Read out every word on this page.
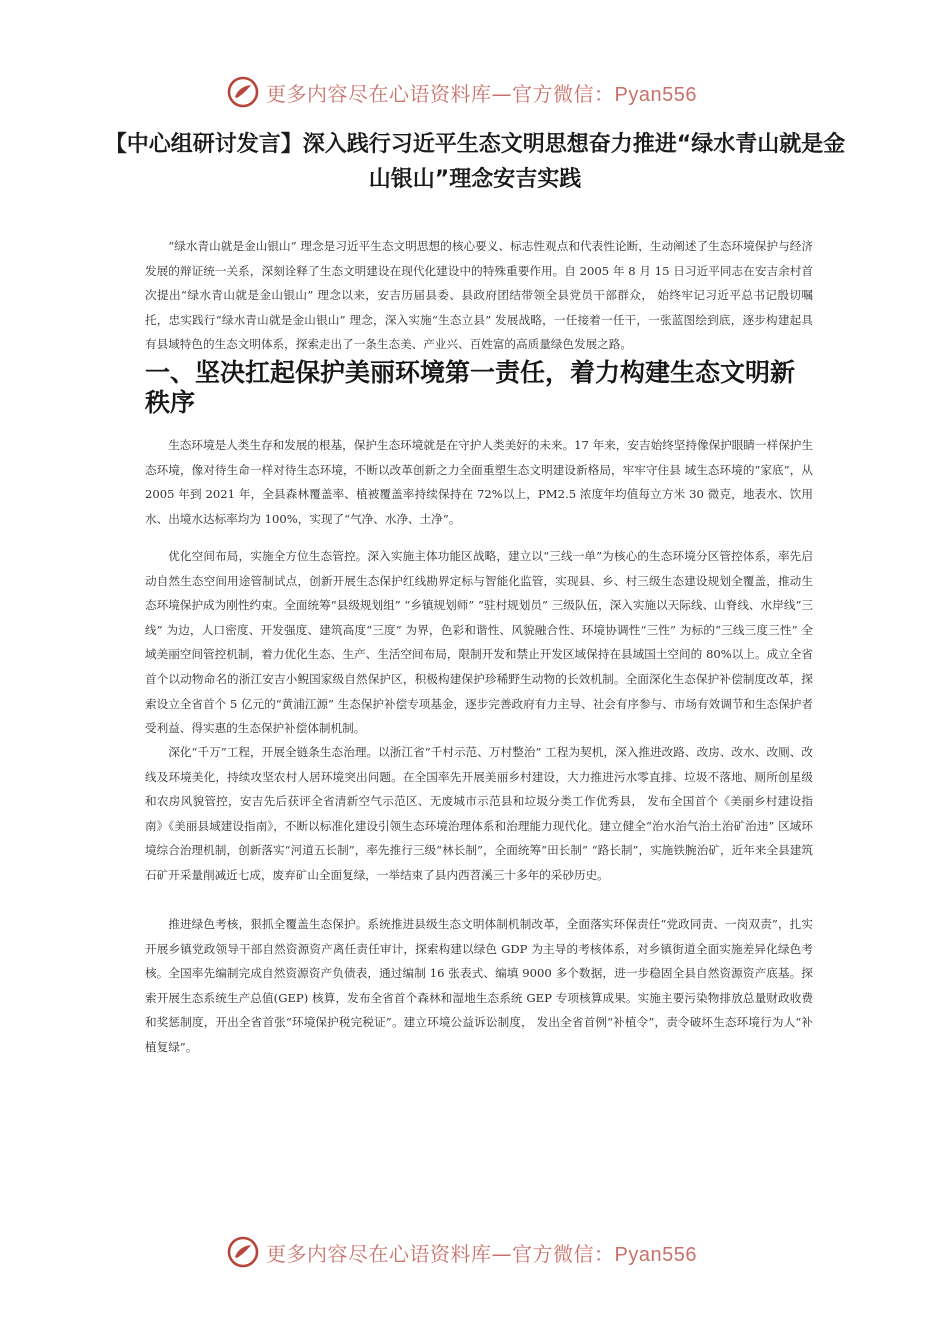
更多内容尽在心语资料库—官方微信：Pyan556
【中心组研讨发言】深入践行习近平生态文明思想奋力推进“绿水青山就是金山银山”理念安吉实践

“绿水青山就是金山银山” 理念是习近平生态文明思想的核心要义、标志性观点和代表性论断，生动阐述了生态环境保护与经济发展的辩证统一关系，深刻诠释了生态文明建设在现代化建设中的特殊重要作用。自 2005 年 8 月 15 日习近平同志在安吉余村首次提出“绿水青山就是金山银山” 理念以来，安吉历届县委、县政府团结带领全县党员干部群众， 始终牢记习近平总书记殷切嘱托，忠实践行“绿水青山就是金山银山” 理念，深入实施“生态立县” 发展战略，一任接着一任干，一张蓝图绘到底，逐步构建起具有县域特色的生态文明体系，探索走出了一条生态美、产业兴、百姓富的高质量绿色发展之路。

一、坚决扛起保护美丽环境第一责任，着力构建生态文明新秩序

生态环境是人类生存和发展的根基，保护生态环境就是在守护人类美好的未来。17 年来，安吉始终坚持像保护眼睛一样保护生态环境，像对待生命一样对待生态环境，不断以改革创新之力全面重塑生态文明建设新格局，牢牢守住县 域生态环境的“家底”，从 2005 年到 2021 年，全县森林覆盖率、植被覆盖率持续保持在 72%以上，PM2.5 浓度年均值每立方米 30 微克，地表水、饮用水、出境水达标率均为 100%，实现了“气净、水净、土净”。

优化空间布局，实施全方位生态管控。深入实施主体功能区战略，建立以“三线一单”为核心的生态环境分区管控体系，率先启动自然生态空间用途管制试点，创新开展生态保护红线勘界定标与智能化监管，实现县、乡、村三级生态建设规划全覆盖，推动生态环境保护成为刚性约束。全面统筹“县级规划组” “乡镇规划师” “驻村规划员” 三级队伍，深入实施以天际线、山脊线、水岸线“三线” 为边，人口密度、开发强度、建筑高度“三度” 为界，色彩和谐性、风貌融合性、环境协调性“三性” 为标的“三线三度三性” 全域美丽空间管控机制，着力优化生态、生产、生活空间布局，限制开发和禁止开发区域保持在县域国土空间的 80%以上。成立全省首个以动物命名的浙江安吉小鲵国家级自然保护区，积极构建保护珍稀野生动物的长效机制。全面深化生态保护补偿制度改革，探索设立全省首个 5 亿元的“黄浦江源” 生态保护补偿专项基金，逐步完善政府有力主导、社会有序参与、市场有效调节和生态保护者受利益、得实惠的生态保护补偿体制机制。

深化“千万”工程，开展全链条生态治理。以浙江省“千村示范、万村整治” 工程为契机，深入推进改路、改房、改水、改厕、改线及环境美化，持续攻坚农村人居环境突出问题。在全国率先开展美丽乡村建设，大力推进污水零直排、垃圾不落地、厕所创星级和农房风貌管控，安吉先后获评全省清新空气示范区、无废城市示范县和垃圾分类工作优秀县， 发布全国首个《美丽乡村建设指南》《美丽县域建设指南》，不断以标准化建设引领生态环境治理体系和治理能力现代化。建立健全“治水治气治土治矿治违” 区域环境综合治理机制，创新落实“河道五长制”，率先推行三级“林长制”，全面统筹“田长制” “路长制”，实施铁腕治矿，近年来全县建筑石矿开采量削减近七成，废弃矿山全面复绿，一举结束了县内西苕溪三十多年的采砂历史。

推进绿色考核，狠抓全覆盖生态保护。系统推进县级生态文明体制机制改革，全面落实环保责任“党政同责、一岗双责”，扎实开展乡镇党政领导干部自然资源资产离任责任审计，探索构建以绿色 GDP 为主导的考核体系，对乡镇街道全面实施差异化绿色考核。全国率先编制完成自然资源资产负债表，通过编制 16 张表式、编填 9000 多个数据，进一步稳固全县自然资源资产底基。探索开展生态系统生产总值(GEP) 核算，发布全省首个森林和湿地生态系统 GEP 专项核算成果。实施主要污染物排放总量财政收费和奖惩制度，开出全省首张“环境保护税完税证”。建立环境公益诉讼制度， 发出全省首例“补植令”，责令破坏生态环境行为人“补植复绿”。

更多内容尽在心语资料库—官方微信：Pyan556
